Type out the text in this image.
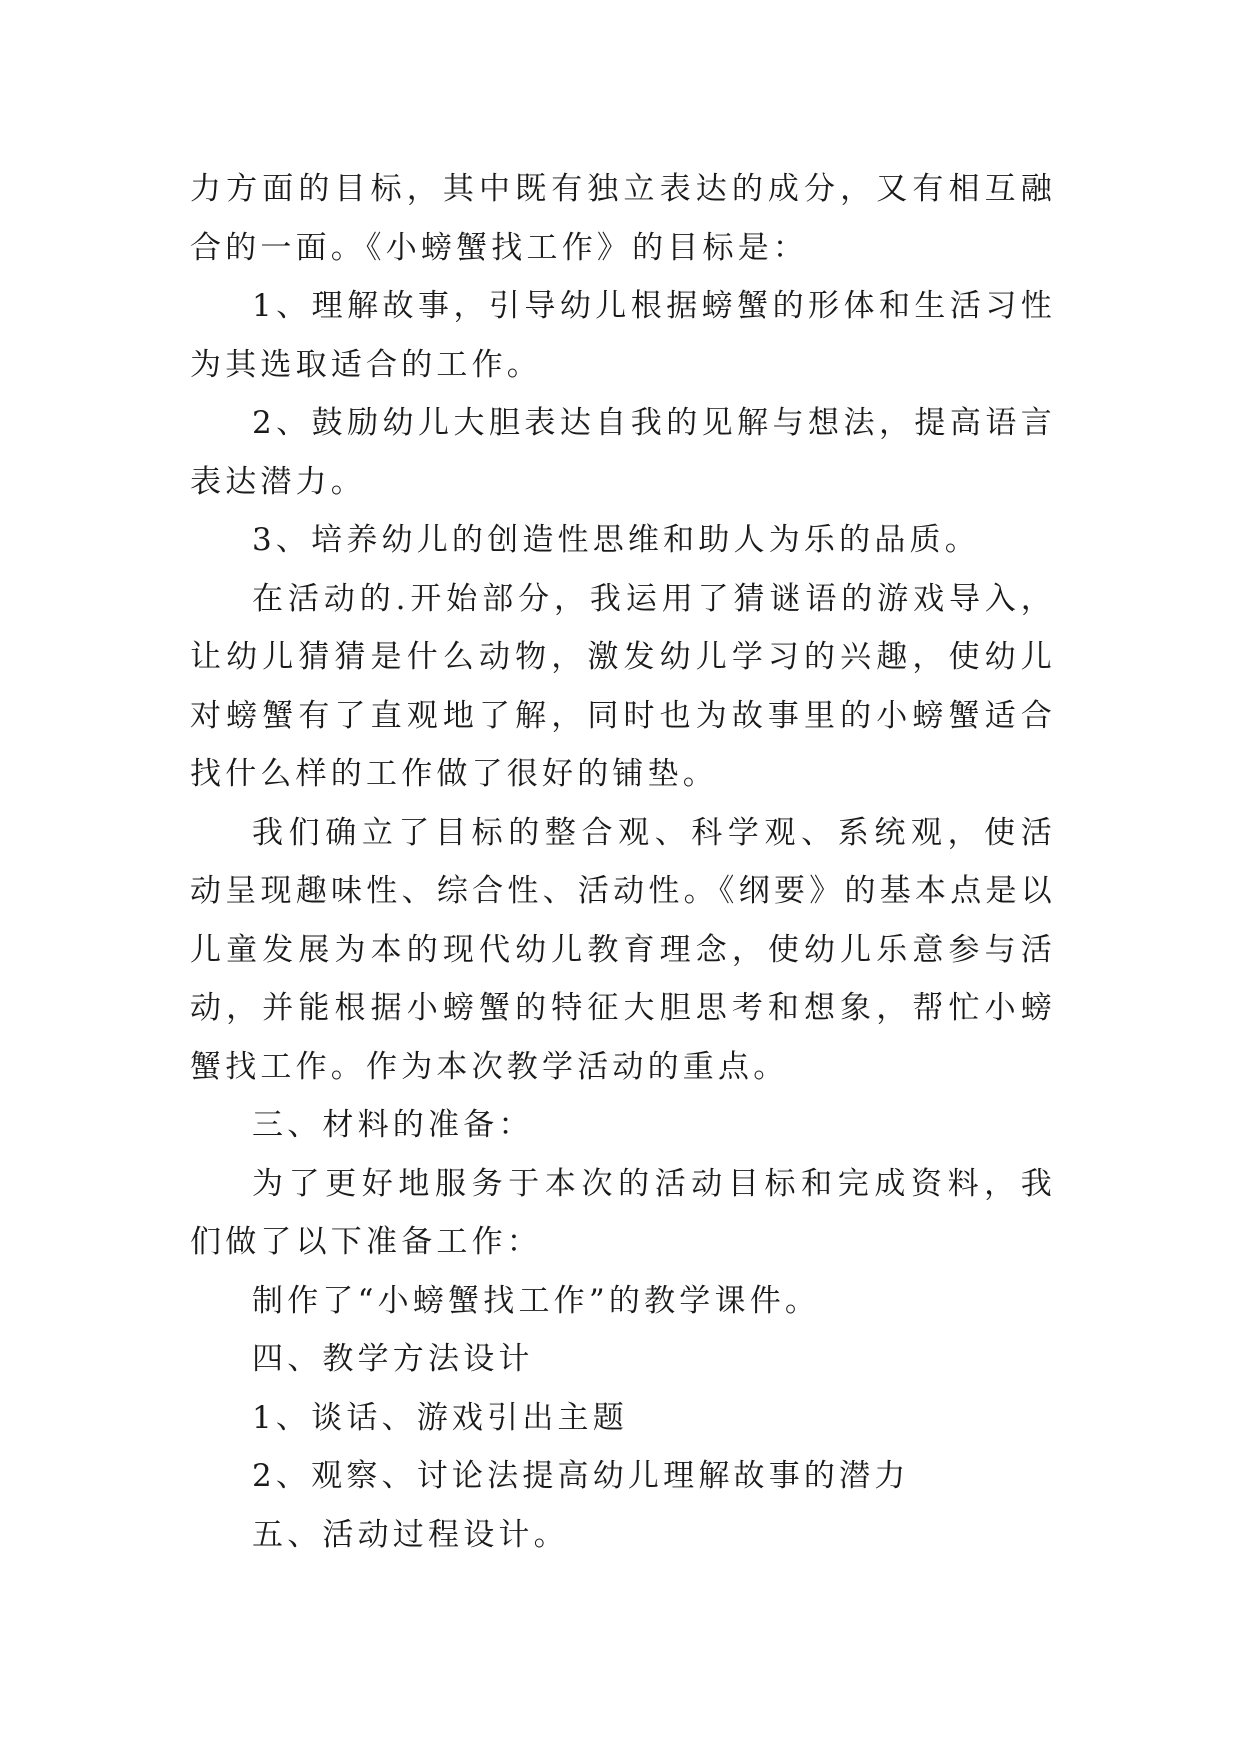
力方面的目标，其中既有独立表达的成分，又有相互融合的一面。《小螃蟹找工作》的目标是：

1、理解故事，引导幼儿根据螃蟹的形体和生活习性为其选取适合的工作。

2、鼓励幼儿大胆表达自我的见解与想法，提高语言表达潜力。

3、培养幼儿的创造性思维和助人为乐的品质。

在活动的.开始部分，我运用了猜谜语的游戏导入，让幼儿猜猜是什么动物，激发幼儿学习的兴趣，使幼儿对螃蟹有了直观地了解，同时也为故事里的小螃蟹适合找什么样的工作做了很好的铺垫。

我们确立了目标的整合观、科学观、系统观，使活动呈现趣味性、综合性、活动性。《纲要》的基本点是以儿童发展为本的现代幼儿教育理念，使幼儿乐意参与活动，并能根据小螃蟹的特征大胆思考和想象，帮忙小螃蟹找工作。作为本次教学活动的重点。

三、材料的准备：

为了更好地服务于本次的活动目标和完成资料，我们做了以下准备工作：

制作了“小螃蟹找工作”的教学课件。

四、教学方法设计

1、谈话、游戏引出主题

2、观察、讨论法提高幼儿理解故事的潜力

五、活动过程设计。
